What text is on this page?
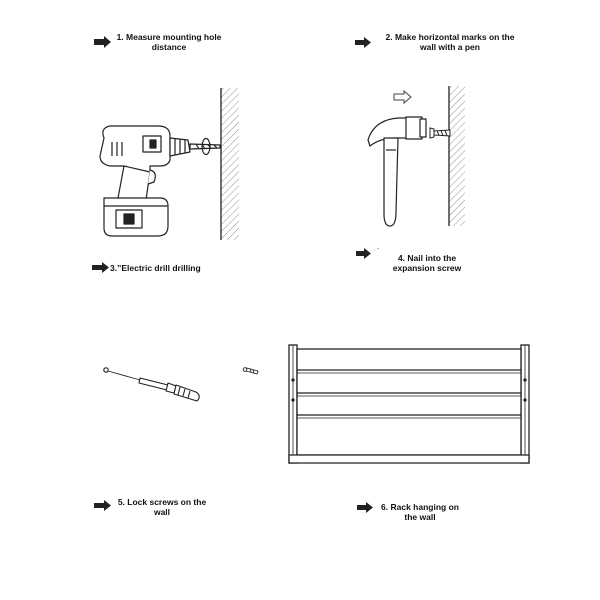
· ”
1. Measure mounting hole
distance
2. Make horizontal marks on the
wall with a pen
3.”Electric drill drilling
4. Nail into the
expansion screw
5. Lock screws on the
wall	6. Rack hanging on
the wall
